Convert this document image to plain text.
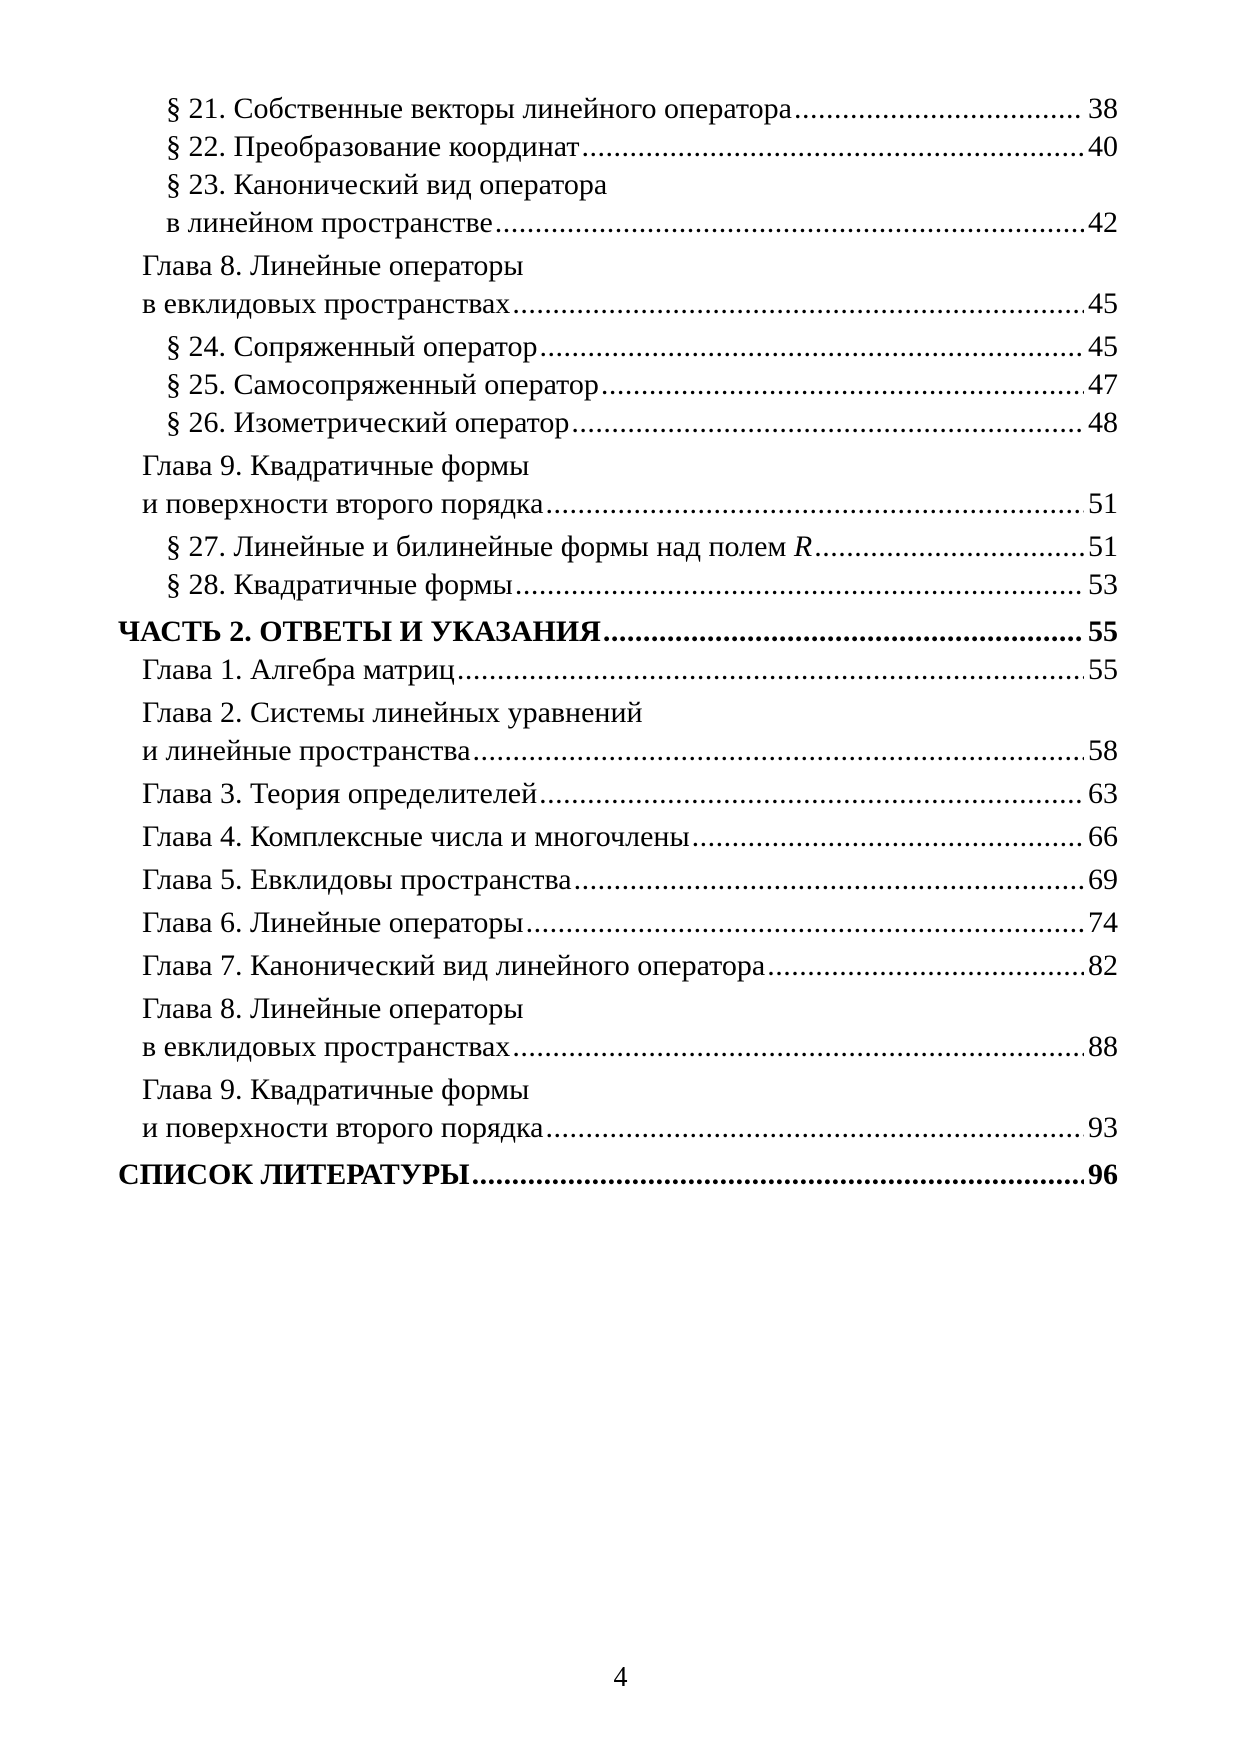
§ 21. Собственные векторы линейного оператора .....	38
§ 22. Преобразование координат .....	40
§ 23. Канонический вид оператора
в линейном пространстве .....	42
Глава 8. Линейные операторы
в евклидовых пространствах .....	45
§ 24. Сопряженный оператор .....	45
§ 25. Самосопряженный оператор .....	47
§ 26. Изометрический оператор .....	48
Глава 9. Квадратичные формы
и поверхности второго порядка .....	51
§ 27. Линейные и билинейные формы над полем R .....	51
§ 28. Квадратичные формы .....	53
ЧАСТЬ 2. ОТВЕТЫ И УКАЗАНИЯ .....	55
Глава 1. Алгебра матриц .....	55
Глава 2. Системы линейных уравнений
и линейные пространства .....	58
Глава 3. Теория определителей .....	63
Глава 4. Комплексные числа и многочлены .....	66
Глава 5. Евклидовы пространства .....	69
Глава 6. Линейные операторы .....	74
Глава 7. Канонический вид линейного оператора .....	82
Глава 8. Линейные операторы
в евклидовых пространствах .....	88
Глава 9. Квадратичные формы
и поверхности второго порядка .....	93
СПИСОК ЛИТЕРАТУРЫ .....	96
4
